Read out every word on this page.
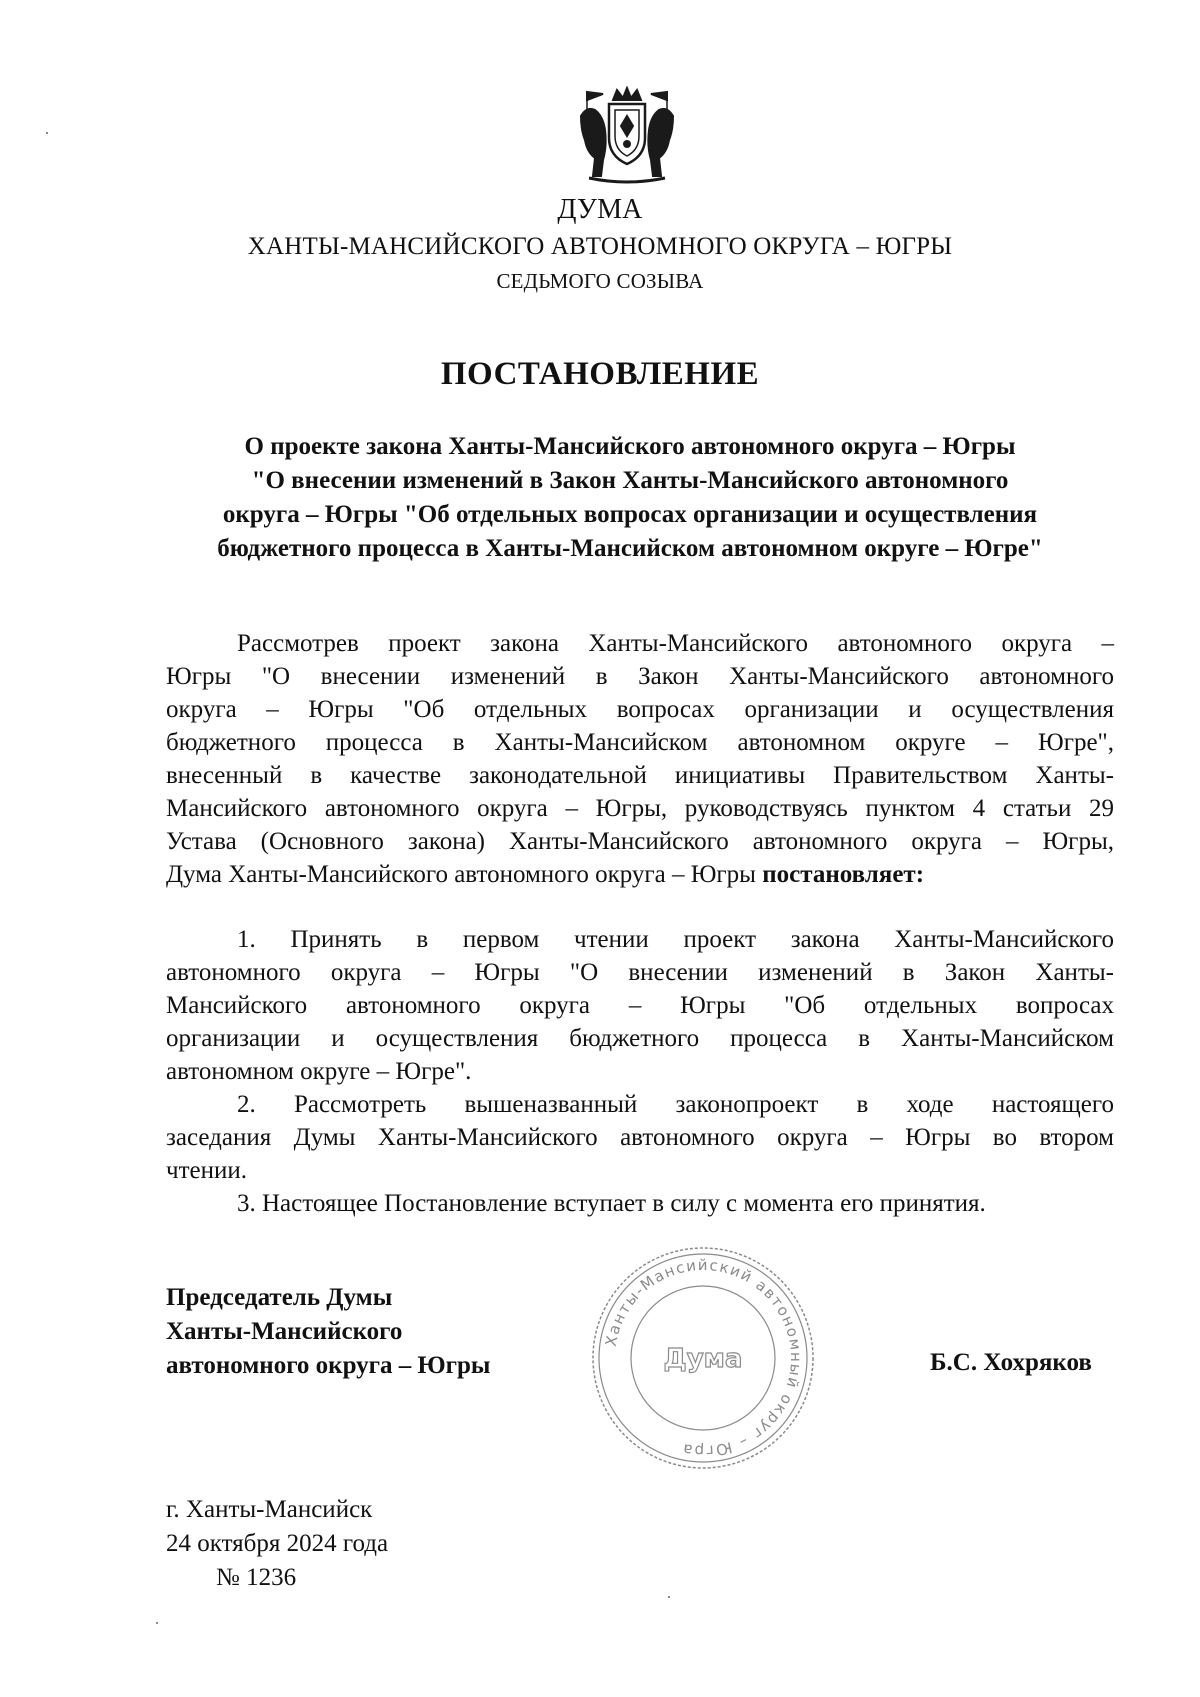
ДУМА
ХАНТЫ-МАНСИЙСКОГО АВТОНОМНОГО ОКРУГА – ЮГРЫ
СЕДЬМОГО СОЗЫВА
ПОСТАНОВЛЕНИЕ
О проекте закона Ханты-Мансийского автономного округа – Югры
"О внесении изменений в Закон Ханты-Мансийского автономного
округа – Югры "Об отдельных вопросах организации и осуществления
бюджетного процесса в Ханты-Мансийском автономном округе – Югре"
Рассмотрев проект закона Ханты-Мансийского автономного округа –
Югры "О внесении изменений в Закон Ханты-Мансийского автономного
округа – Югры "Об отдельных вопросах организации и осуществления
бюджетного процесса в Ханты-Мансийском автономном округе – Югре",
внесенный в качестве законодательной инициативы Правительством Ханты-
Мансийского автономного округа – Югры, руководствуясь пунктом 4 статьи 29
Устава (Основного закона) Ханты-Мансийского автономного округа – Югры,
Дума Ханты-Мансийского автономного округа – Югры постановляет:
1. Принять в первом чтении проект закона Ханты-Мансийского
автономного округа – Югры "О внесении изменений в Закон Ханты-
Мансийского автономного округа – Югры "Об отдельных вопросах
организации и осуществления бюджетного процесса в Ханты-Мансийском
автономном округе – Югре".
2. Рассмотреть вышеназванный законопроект в ходе настоящего
заседания Думы Ханты-Мансийского автономного округа – Югры во втором
чтении.
3. Настоящее Постановление вступает в силу с момента его принятия.
Председатель Думы
Ханты-Мансийского
автономного округа – Югры
Ханты-Мансийский автономный округ – Югра
Дума	Б.С. Хохряков
г. Ханты-Мансийск
24 октября 2024 года
№ 1236
